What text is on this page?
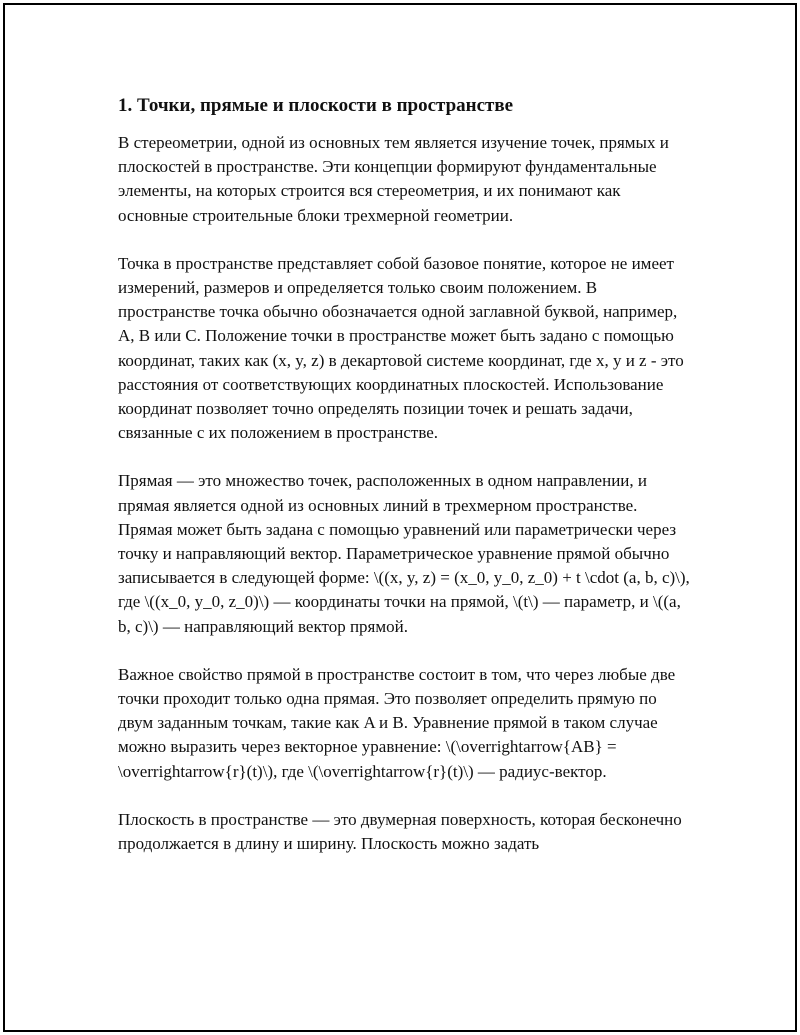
1. Точки, прямые и плоскости в пространстве

В стереометрии, одной из основных тем является изучение точек, прямых и плоскостей в пространстве. Эти концепции формируют фундаментальные элементы, на которых строится вся стереометрия, и их понимают как основные строительные блоки трехмерной геометрии.

Точка в пространстве представляет собой базовое понятие, которое не имеет измерений, размеров и определяется только своим положением. В пространстве точка обычно обозначается одной заглавной буквой, например, A, B или C. Положение точки в пространстве может быть задано с помощью координат, таких как (x, y, z) в декартовой системе координат, где x, y и z - это расстояния от соответствующих координатных плоскостей. Использование координат позволяет точно определять позиции точек и решать задачи, связанные с их положением в пространстве.

Прямая — это множество точек, расположенных в одном направлении, и прямая является одной из основных линий в трехмерном пространстве. Прямая может быть задана с помощью уравнений или параметрически через точку и направляющий вектор. Параметрическое уравнение прямой обычно записывается в следующей форме: \((x, y, z) = (x_0, y_0, z_0) + t \cdot (a, b, c)\), где \((x_0, y_0, z_0)\) — координаты точки на прямой, \(t\) — параметр, и \((a, b, c)\) — направляющий вектор прямой.

Важное свойство прямой в пространстве состоит в том, что через любые две точки проходит только одна прямая. Это позволяет определить прямую по двум заданным точкам, такие как A и B. Уравнение прямой в таком случае можно выразить через векторное уравнение: \(\overrightarrow{AB} = \overrightarrow{r}(t)\), где \(\overrightarrow{r}(t)\) — радиус-вектор.

Плоскость в пространстве — это двумерная поверхность, которая бесконечно продолжается в длину и ширину. Плоскость можно задать
